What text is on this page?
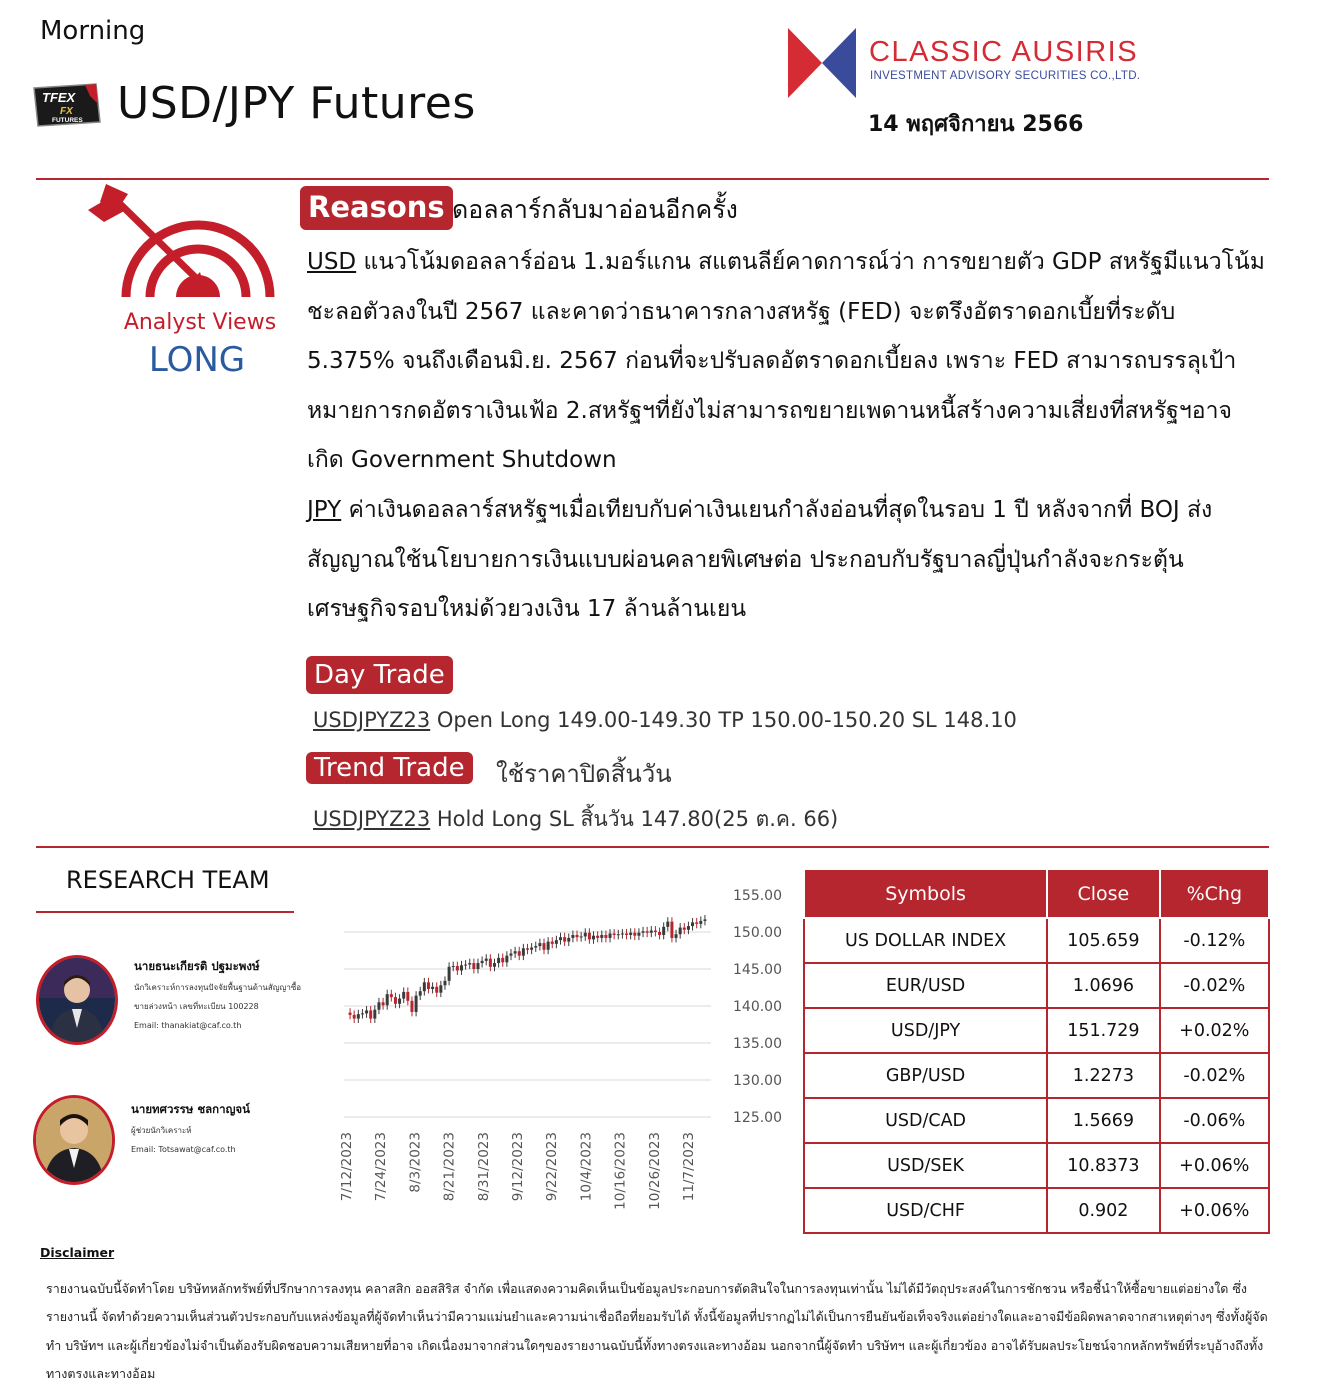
Morning
TFEX
FX
FUTURES USD/JPY Futures
CLASSIC AUSIRIS
INVESTMENT ADVISORY SECURITIES CO.,LTD.
14 พฤศจิกายน 2566
Analyst Views
LONG
Reasons ดอลลาร์กลับมาอ่อนอีกครั้ง

USD แนวโน้มดอลลาร์อ่อน 1.มอร์แกน สแตนลีย์คาดการณ์ว่า การขยายตัว GDP สหรัฐมีแนวโน้มชะลอตัวลงในปี 2567 และคาดว่าธนาคารกลางสหรัฐ (FED) จะตรึงอัตราดอกเบี้ยที่ระดับ 5.375% จนถึงเดือนมิ.ย. 2567 ก่อนที่จะปรับลดอัตราดอกเบี้ยลง เพราะ FED สามารถบรรลุเป้าหมายการกดอัตราเงินเฟ้อ 2.สหรัฐฯที่ยังไม่สามารถขยายเพดานหนี้สร้างความเสี่ยงที่สหรัฐฯอาจเกิด Government Shutdown

JPY ค่าเงินดอลลาร์สหรัฐฯเมื่อเทียบกับค่าเงินเยนกำลังอ่อนที่สุดในรอบ 1 ปี หลังจากที่ BOJ ส่งสัญญาณใช้นโยบายการเงินแบบผ่อนคลายพิเศษต่อ ประกอบกับรัฐบาลญี่ปุ่นกำลังจะกระตุ้นเศรษฐกิจรอบใหม่ด้วยวงเงิน 17 ล้านล้านเยน

Day Trade
USDJPYZ23 Open Long 149.00-149.30 TP 150.00-150.20 SL 148.10
Trend Trade	ใช้ราคาปิดสิ้นวัน
USDJPYZ23 Hold Long SL สิ้นวัน 147.80(25 ต.ค. 66)
RESEARCH TEAM
นายธนะเกียรติ ปฐมะพงษ์
นักวิเคราะห์การลงทุนปัจจัยพื้นฐานด้านสัญญาซื้อ
ขายล่วงหน้า เลขที่ทะเบียน 100228
Email: thanakiat@caf.co.th
นายทศวรรษ ชลกาญจน์
ผู้ช่วยนักวิเคราะห์
Email: Totsawat@caf.co.th
155.00
150.00
145.00
140.00
135.00
130.00
125.00
7/12/2023 7/24/2023 8/3/2023 8/21/2023 8/31/2023 9/12/2023 9/22/2023 10/4/2023 10/16/2023 10/26/2023 11/7/2023
Symbols	Close	%Chg
US DOLLAR INDEX	105.659	-0.12%
EUR/USD	1.0696	-0.02%
USD/JPY	151.729	+0.02%
GBP/USD	1.2273	-0.02%
USD/CAD	1.5669	-0.06%
USD/SEK	10.8373	+0.06%
USD/CHF	0.902	+0.06%
Disclaimer
รายงานฉบับนี้จัดทำโดย บริษัทหลักทรัพย์ที่ปรึกษาการลงทุน คลาสสิก ออสสิริส จำกัด เพื่อแสดงความคิดเห็นเป็นข้อมูลประกอบการตัดสินใจในการลงทุนเท่านั้น ไม่ได้มีวัตถุประสงค์ในการชักชวน หรือชี้นำให้ซื้อขายแต่อย่างใด ซึ่งรายงานนี้ จัดทำด้วยความเห็นส่วนตัวประกอบกับแหล่งข้อมูลที่ผู้จัดทำเห็นว่ามีความแม่นยำและความน่าเชื่อถือที่ยอมรับได้ ทั้งนี้ข้อมูลที่ปรากฏไม่ได้เป็นการยืนยันข้อเท็จจริงแต่อย่างใดและอาจมีข้อผิดพลาดจากสาเหตุต่างๆ ซึ่งทั้งผู้จัดทำ บริษัทฯ และผู้เกี่ยวข้องไม่จำเป็นต้องรับผิดชอบความเสียหายที่อาจ เกิดเนื่องมาจากส่วนใดๆของรายงานฉบับนี้ทั้งทางตรงและทางอ้อม นอกจากนี้ผู้จัดทำ บริษัทฯ และผู้เกี่ยวข้อง อาจได้รับผลประโยชน์จากหลักทรัพย์ที่ระบุอ้างถึงทั้งทางตรงและทางอ้อม
